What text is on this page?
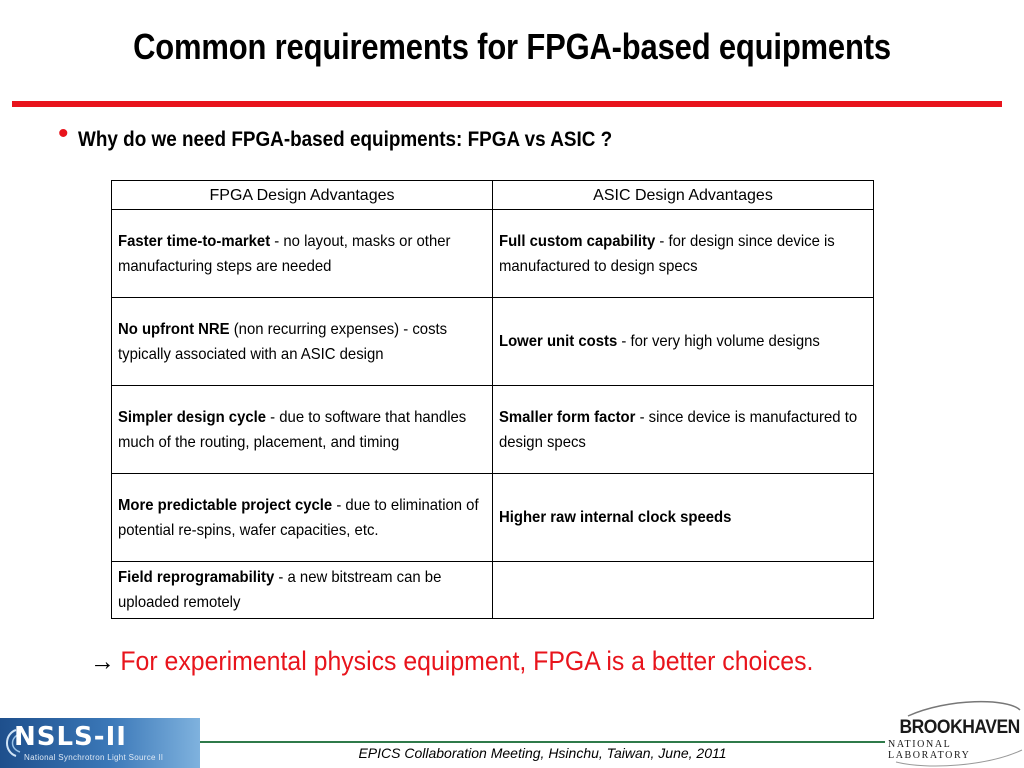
Common requirements for FPGA-based equipments
• Why do we need FPGA-based equipments: FPGA vs ASIC ?
FPGA Design Advantages	ASIC Design Advantages

Faster time-to-market - no layout, masks or other manufacturing steps are needed	Full custom capability - for design since device is manufactured to design specs

No upfront NRE (non recurring expenses) - costs typically associated with an ASIC design	Lower unit costs - for very high volume designs

Simpler design cycle - due to software that handles much of the routing, placement, and timing	Smaller form factor - since device is manufactured to design specs

More predictable project cycle - due to elimination of potential re-spins, wafer capacities, etc.	Higher raw internal clock speeds

Field reprogramability - a new bitstream can be uploaded remotely	

→ For experimental physics equipment, FPGA is a better choices.
NSLS-II
National Synchrotron Light Source II	EPICS Collaboration Meeting, Hsinchu, Taiwan, June, 2011
BROOKHAVEN
NATIONAL LABORATORY
